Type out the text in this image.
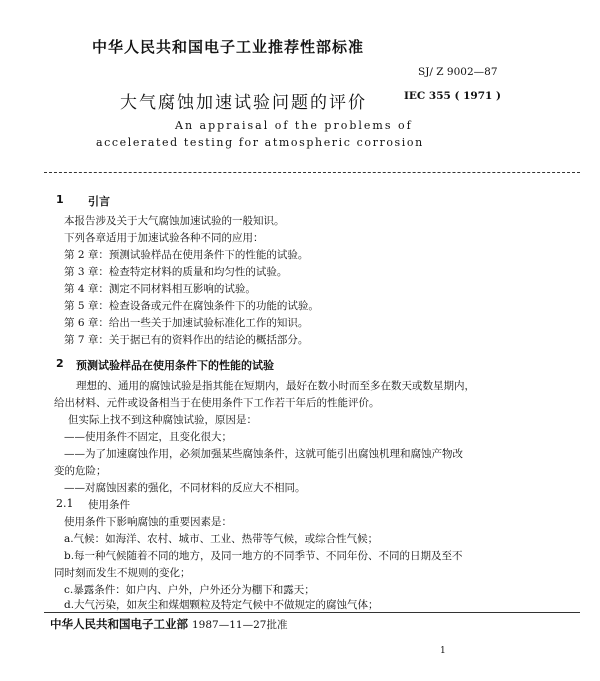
中华人民共和国电子工业推荐性部标准
SJ/ Z 9002—87
大气腐蚀加速试验问题的评价	IEC 355 ( 1971 )
An appraisal of the problems of
accelerated testing for atmospheric corrosion
1 引言
本报告涉及关于大气腐蚀加速试验的一般知识。
下列各章适用于加速试验各种不同的应用：
第 2 章：预测试验样品在使用条件下的性能的试验。
第 3 章：检查特定材料的质量和均匀性的试验。
第 4 章：测定不同材料相互影响的试验。
第 5 章：检查设备或元件在腐蚀条件下的功能的试验。
第 6 章：给出一些关于加速试验标准化工作的知识。
第 7 章：关于据已有的资料作出的结论的概括部分。
2 预测试验样品在使用条件下的性能的试验
理想的、通用的腐蚀试验是指其能在短期内，最好在数小时而至多在数天或数星期内，
给出材料、元件或设备相当于在使用条件下工作若干年后的性能评价。
但实际上找不到这种腐蚀试验，原因是：
——使用条件不固定，且变化很大；
——为了加速腐蚀作用，必须加强某些腐蚀条件，这就可能引出腐蚀机理和腐蚀产物改
变的危险；
——对腐蚀因素的强化，不同材料的反应大不相同。
2.1 使用条件
使用条件下影响腐蚀的重要因素是：
a.气候：如海洋、农村、城市、工业、热带等气候，或综合性气候；
b.每一种气候随着不同的地方，及同一地方的不同季节、不同年份、不同的日期及至不
同时刻而发生不规则的变化；
c.暴露条件：如户内、户外，户外还分为棚下和露天；
d.大气污染，如灰尘和煤烟颗粒及特定气候中不做规定的腐蚀气体；
中华人民共和国电子工业部 1987—11—27批准
1
